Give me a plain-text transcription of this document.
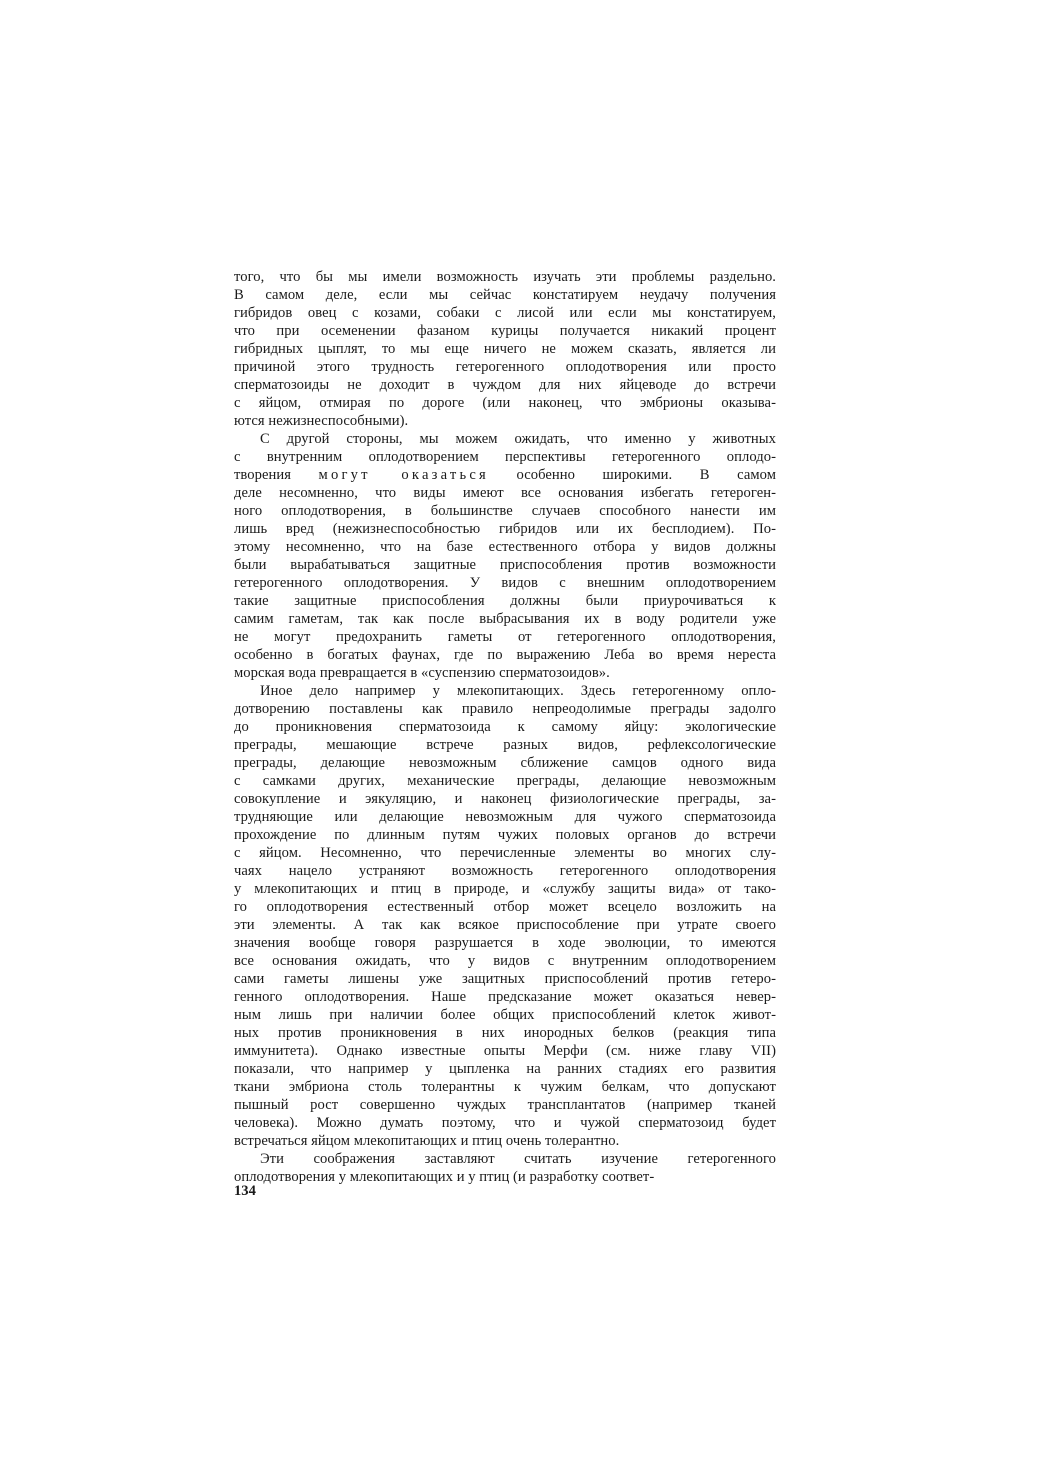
того, что бы мы имели возможность изучать эти проблемы раздельно.
В самом деле, если мы сейчас констатируем неудачу получения
гибридов овец с козами, собаки с лисой или если мы констатируем,
что при осеменении фазаном курицы получается никакий процент
гибридных цыплят, то мы еще ничего не можем сказать, является ли
причиной этого трудность гетерогенного оплодотворения или просто
сперматозоиды не доходит в чуждом для них яйцеводе до встречи
с яйцом, отмирая по дороге (или наконец, что эмбрионы оказыва-
ются нежизнеспособными).
С другой стороны, мы можем ожидать, что именно у животных
с внутренним оплодотворением перспективы гетерогенного оплодо-
творения могут оказаться особенно широкими. В самом
деле несомненно, что виды имеют все основания избегать гетероген-
ного оплодотворения, в большинстве случаев способного нанести им
лишь вред (нежизнеспособностью гибридов или их бесплодием). По-
этому несомненно, что на базе естественного отбора у видов должны
были вырабатываться защитные приспособления против возможности
гетерогенного оплодотворения. У видов с внешним оплодотворением
такие защитные приспособления должны были приурочиваться к
самим гаметам, так как после выбрасывания их в воду родители уже
не могут предохранить гаметы от гетерогенного оплодотворения,
особенно в богатых фаунах, где по выражению Леба во время нереста
морская вода превращается в «суспензию сперматозоидов».
Иное дело например у млекопитающих. Здесь гетерогенному опло-
дотворению поставлены как правило непреодолимые преграды задолго
до проникновения сперматозоида к самому яйцу: экологические
преграды, мешающие встрече разных видов, рефлексологические
преграды, делающие невозможным сближение самцов одного вида
с самками других, механические преграды, делающие невозможным
совокупление и эякуляцию, и наконец физиологические преграды, за-
трудняющие или делающие невозможным для чужого сперматозоида
прохождение по длинным путям чужих половых органов до встречи
с яйцом. Несомненно, что перечисленные элементы во многих слу-
чаях нацело устраняют возможность гетерогенного оплодотворения
у млекопитающих и птиц в природе, и «службу защиты вида» от тако-
го оплодотворения естественный отбор может всецело возложить на
эти элементы. А так как всякое приспособление при утрате своего
значения вообще говоря разрушается в ходе эволюции, то имеются
все основания ожидать, что у видов с внутренним оплодотворением
сами гаметы лишены уже защитных приспособлений против гетеро-
генного оплодотворения. Наше предсказание может оказаться невер-
ным лишь при наличии более общих приспособлений клеток живот-
ных против проникновения в них инородных белков (реакция типа
иммунитета). Однако известные опыты Мерфи (см. ниже главу VII)
показали, что например у цыпленка на ранних стадиях его развития
ткани эмбриона столь толерантны к чужим белкам, что допускают
пышный рост совершенно чуждых трансплантатов (например тканей
человека). Можно думать поэтому, что и чужой сперматозоид будет
встречаться яйцом млекопитающих и птиц очень толерантно.
Эти соображения заставляют считать изучение гетерогенного
оплодотворения у млекопитающих и у птиц (и разработку соответ-
134
